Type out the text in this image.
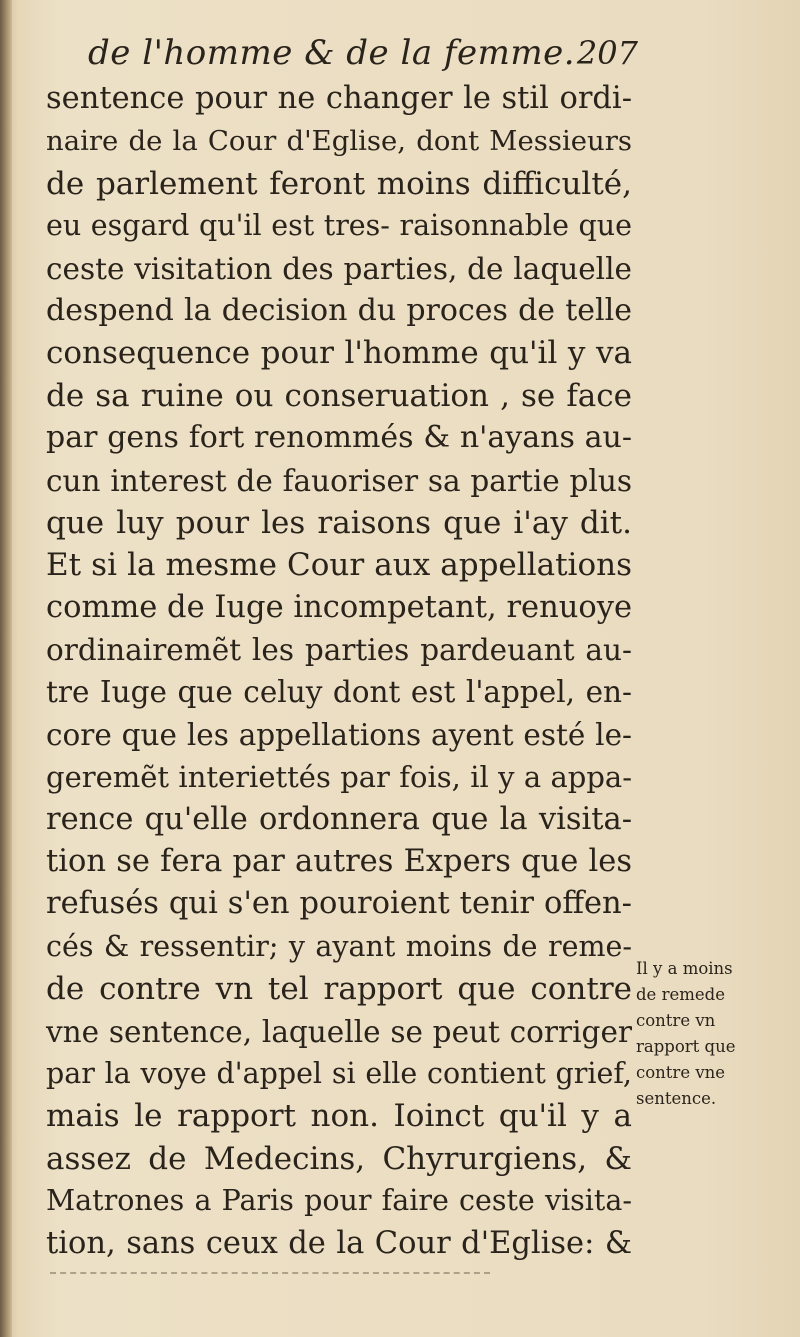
de l'homme & de la femme. 207
sentence pour ne changer le stil ordi-
naire de la Cour d'Eglise, dont Messieurs
de parlement feront moins difficulté,
eu esgard qu'il est tres- raisonnable que
ceste visitation des parties, de laquelle
despend la decision du proces de telle
consequence pour l'homme qu'il y va
de sa ruine ou conseruation , se face
par gens fort renommés & n'ayans au-
cun interest de fauoriser sa partie plus
que luy pour les raisons que i'ay dit.
Et si la mesme Cour aux appellations
comme de Iuge incompetant, renuoye
ordinairemẽt les parties pardeuant au-
tre Iuge que celuy dont est l'appel, en-
core que les appellations ayent esté le-
geremẽt interiettés par fois, il y a appa-
rence qu'elle ordonnera que la visita-
tion se fera par autres Expers que les
refusés qui s'en pouroient tenir offen-
cés & ressentir; y ayant moins de reme-
de contre vn tel rapport que contre
vne sentence, laquelle se peut corriger
par la voye d'appel si elle contient grief,
mais le rapport non. Ioinct qu'il y a
assez de Medecins, Chyrurgiens, &
Matrones a Paris pour faire ceste visita-
tion, sans ceux de la Cour d'Eglise: &
Il y a moins
de remede
contre vn
rapport que
contre vne
sentence.
